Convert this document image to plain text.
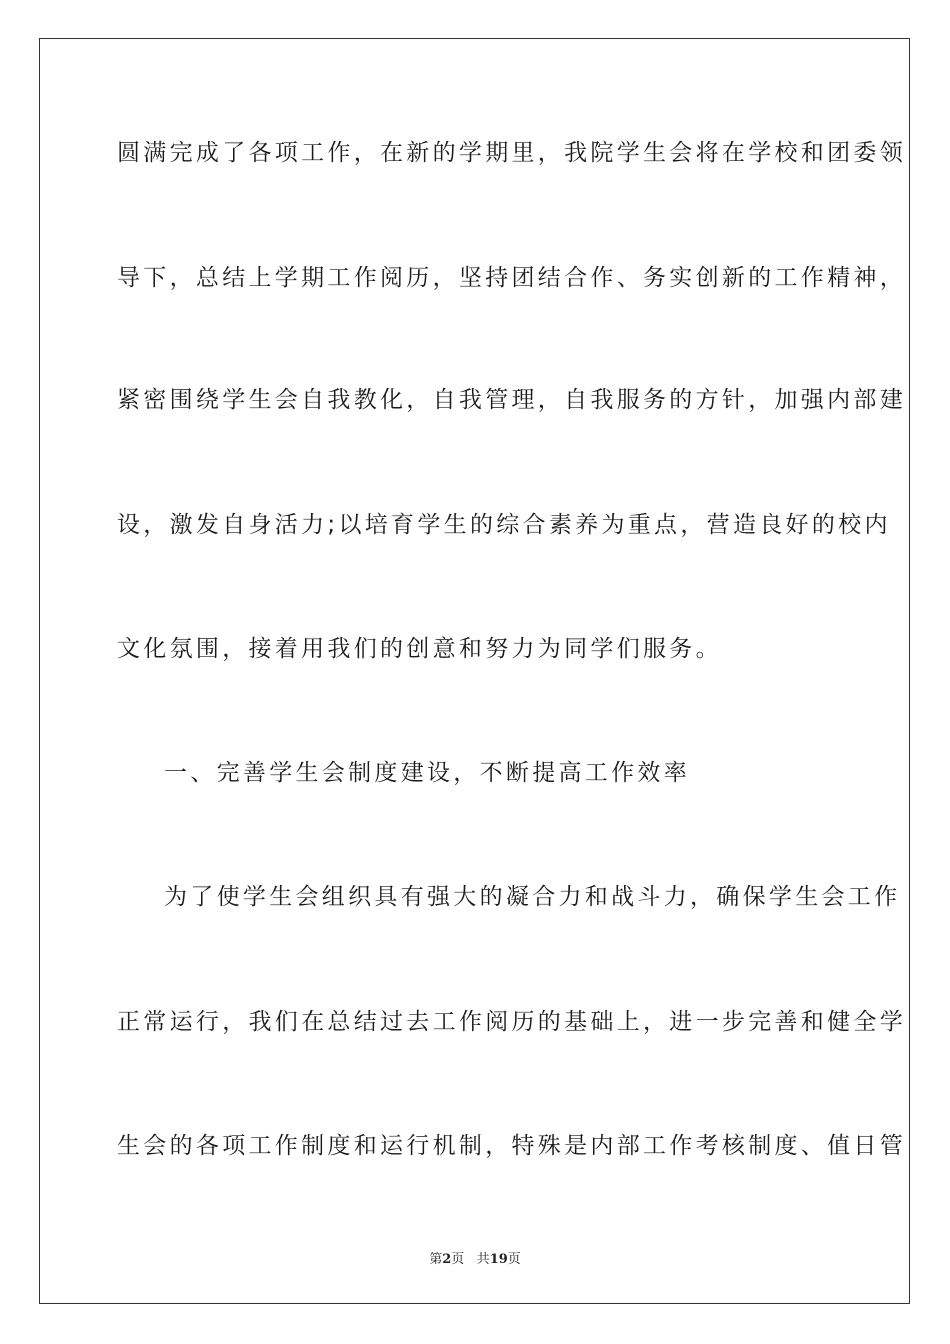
圆满完成了各项工作，在新的学期里，我院学生会将在学校和团委领
导下，总结上学期工作阅历，坚持团结合作、务实创新的工作精神，
紧密围绕学生会自我教化，自我管理，自我服务的方针，加强内部建
设，激发自身活力;以培育学生的综合素养为重点，营造良好的校内
文化氛围，接着用我们的创意和努力为同学们服务。
一、完善学生会制度建设，不断提高工作效率
为了使学生会组织具有强大的凝合力和战斗力，确保学生会工作
正常运行，我们在总结过去工作阅历的基础上，进一步完善和健全学
生会的各项工作制度和运行机制，特殊是内部工作考核制度、值日管
第2页 共19页
